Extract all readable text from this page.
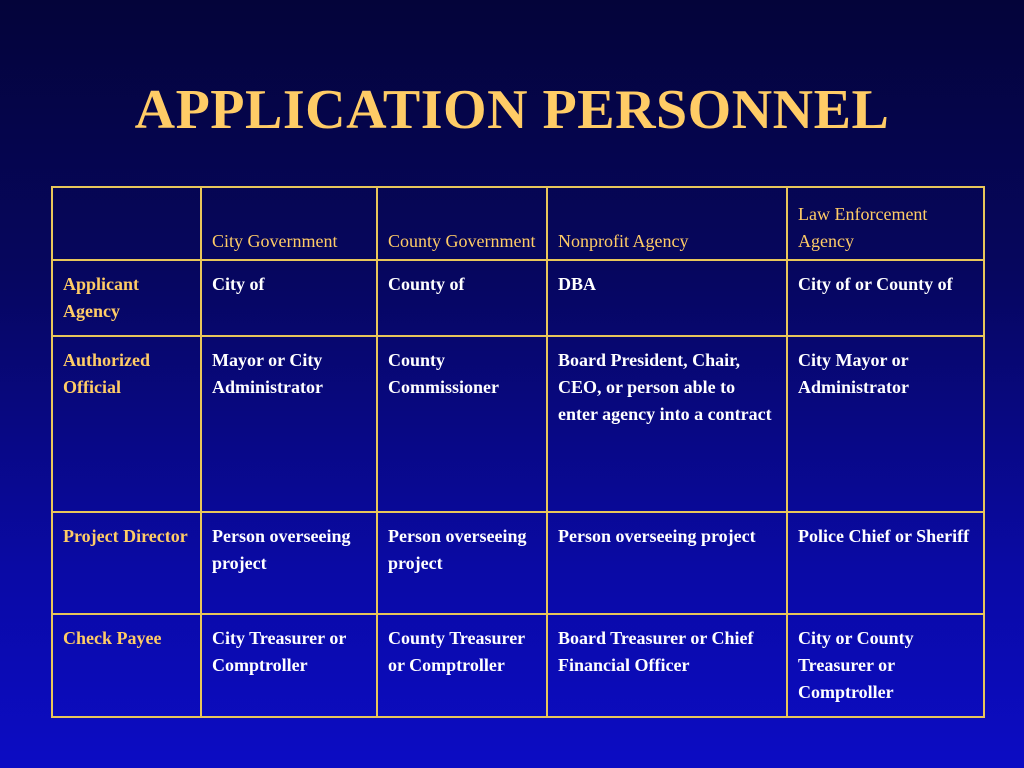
APPLICATION PERSONNEL
	City Government	County Government	Nonprofit Agency	Law Enforcement Agency
Applicant Agency	City of	County of	DBA	City of or County of
Authorized Official	Mayor or City Administrator	County Commissioner	Board President, Chair, CEO, or person able to enter agency into a contract	City Mayor or Administrator
Project Director	Person overseeing project	Person overseeing project	Person overseeing project	Police Chief or Sheriff
Check Payee	City Treasurer or Comptroller	County Treasurer or Comptroller	Board Treasurer or Chief Financial Officer	City or County Treasurer or Comptroller
